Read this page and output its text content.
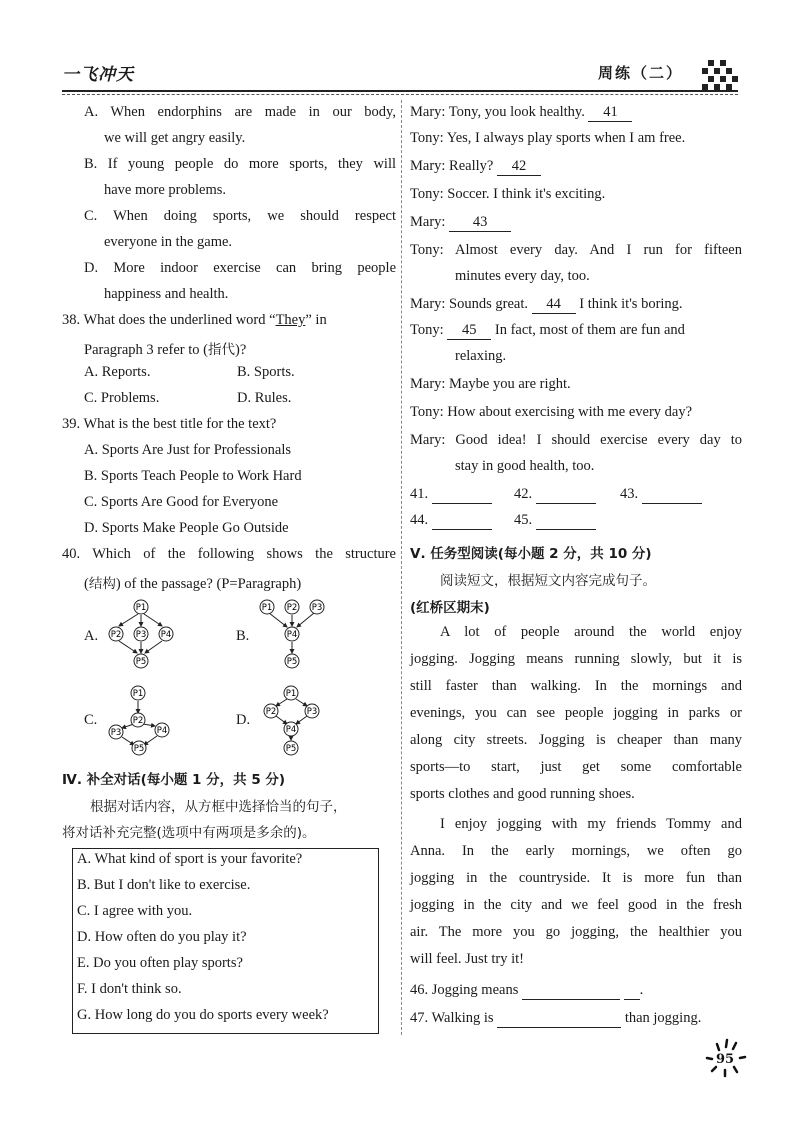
一飞冲天	周练（二）
A. When endorphins are made in our body,
we will get angry easily.
B. If young people do more sports, they will
have more problems.
C. When doing sports, we should respect
everyone in the game.
D. More indoor exercise can bring people
happiness and health.
38. What does the underlined word “They” in
Paragraph 3 refer to (指代)?
A. Reports.	B. Sports.
C. Problems.	D. Rules.
39. What is the best title for the text?
A. Sports Are Just for Professionals
B. Sports Teach People to Work Hard
C. Sports Are Good for Everyone
D. Sports Make People Go Outside
40. Which of the following shows the structure
(结构) of the passage? (P=Paragraph)
A.	B.
C.	D.
P1
P2 P3 P4
P5
P1 P2 P3
P4
P5
P1
P2
P3	P4
P5
P1
P2	P3
P4
P5
Ⅳ. 补全对话(每小题 1 分，共 5 分)
根据对话内容，从方框中选择恰当的句子，
将对话补充完整(选项中有两项是多余的)。
A. What kind of sport is your favorite?
B. But I don't like to exercise.
C. I agree with you.
D. How often do you play it?
E. Do you often play sports?
F. I don't think so.
G. How long do you do sports every week?
Mary: Tony, you look healthy. 41
Tony: Yes, I always play sports when I am free.
Mary: Really? 42
Tony: Soccer. I think it's exciting.
Mary: 43
Tony: Almost every day. And I run for fifteen
minutes every day, too.
Mary: Sounds great. 44 I think it's boring.
Tony: 45 In fact, most of them are fun and
relaxing.
Mary: Maybe you are right.
Tony: How about exercising with me every day?
Mary: Good idea! I should exercise every day to
stay in good health, too.
41.	42.	43.
44.	45.
Ⅴ. 任务型阅读(每小题 2 分，共 10 分)
阅读短文，根据短文内容完成句子。
(红桥区期末)
A lot of people around the world enjoy
jogging. Jogging means running slowly, but it is
still faster than walking. In the mornings and
evenings, you can see people jogging in parks or
along city streets. Jogging is cheaper than many
sports—to start, just get some comfortable
sports clothes and good running shoes.
I enjoy jogging with my friends Tommy and
Anna. In the early mornings, we often go
jogging in the countryside. It is more fun than
jogging in the city and we feel good in the fresh
air. The more you go jogging, the healthier you
will feel. Just try it!
46. Jogging means	.
47. Walking is	than jogging.
95
